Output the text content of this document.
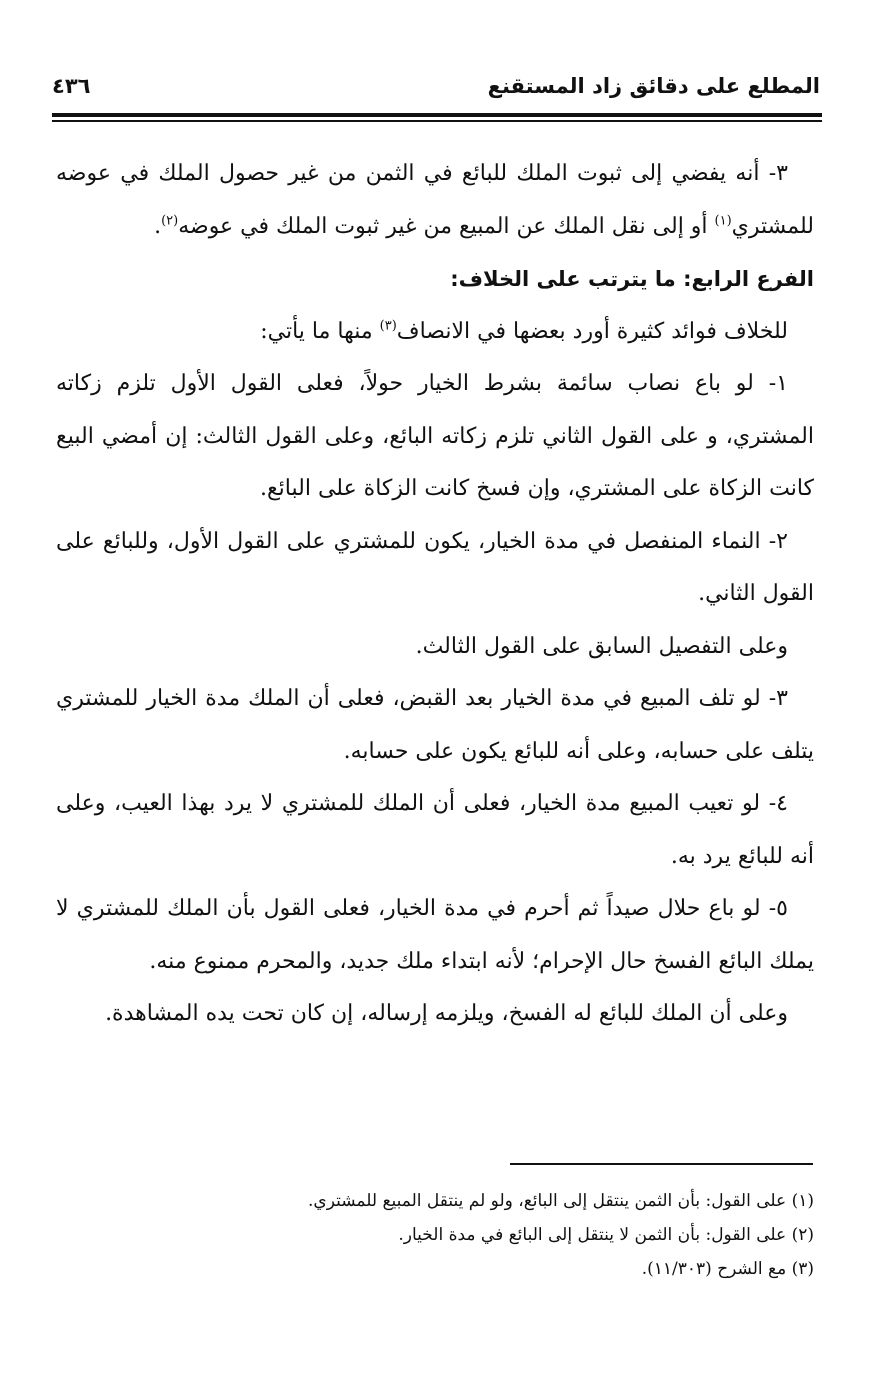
المطلع على دقائق زاد المستقنع
٤٣٦

٣- أنه يفضي إلى ثبوت الملك للبائع في الثمن من غير حصول الملك في عوضه للمشتري$^{(١)}$ أو إلى نقل الملك عن المبيع من غير ثبوت الملك في عوضه$^{(٢)}$.

الفرع الرابع: ما يترتب على الخلاف:

للخلاف فوائد كثيرة أورد بعضها في الانصاف$^{(٣)}$ منها ما يأتي:

١- لو باع نصاب سائمة بشرط الخيار حولاً، فعلى القول الأول تلزم زكاته المشتري، و على القول الثاني تلزم زكاته البائع، وعلى القول الثالث: إن أمضي البيع كانت الزكاة على المشتري، وإن فسخ كانت الزكاة على البائع.

٢- النماء المنفصل في مدة الخيار، يكون للمشتري على القول الأول، وللبائع على القول الثاني.

وعلى التفصيل السابق على القول الثالث.

٣- لو تلف المبيع في مدة الخيار بعد القبض، فعلى أن الملك مدة الخيار للمشتري يتلف على حسابه، وعلى أنه للبائع يكون على حسابه.

٤- لو تعيب المبيع مدة الخيار، فعلى أن الملك للمشتري لا يرد بهذا العيب، وعلى أنه للبائع يرد به.

٥- لو باع حلال صيداً ثم أحرم في مدة الخيار، فعلى القول بأن الملك للمشتري لا يملك البائع الفسخ حال الإحرام؛ لأنه ابتداء ملك جديد، والمحرم ممنوع منه.

وعلى أن الملك للبائع له الفسخ، ويلزمه إرساله، إن كان تحت يده المشاهدة.

(١) على القول: بأن الثمن ينتقل إلى البائع، ولو لم ينتقل المبيع للمشتري.
(٢) على القول: بأن الثمن لا ينتقل إلى البائع في مدة الخيار.
(٣) مع الشرح (١١/٣٠٣).
